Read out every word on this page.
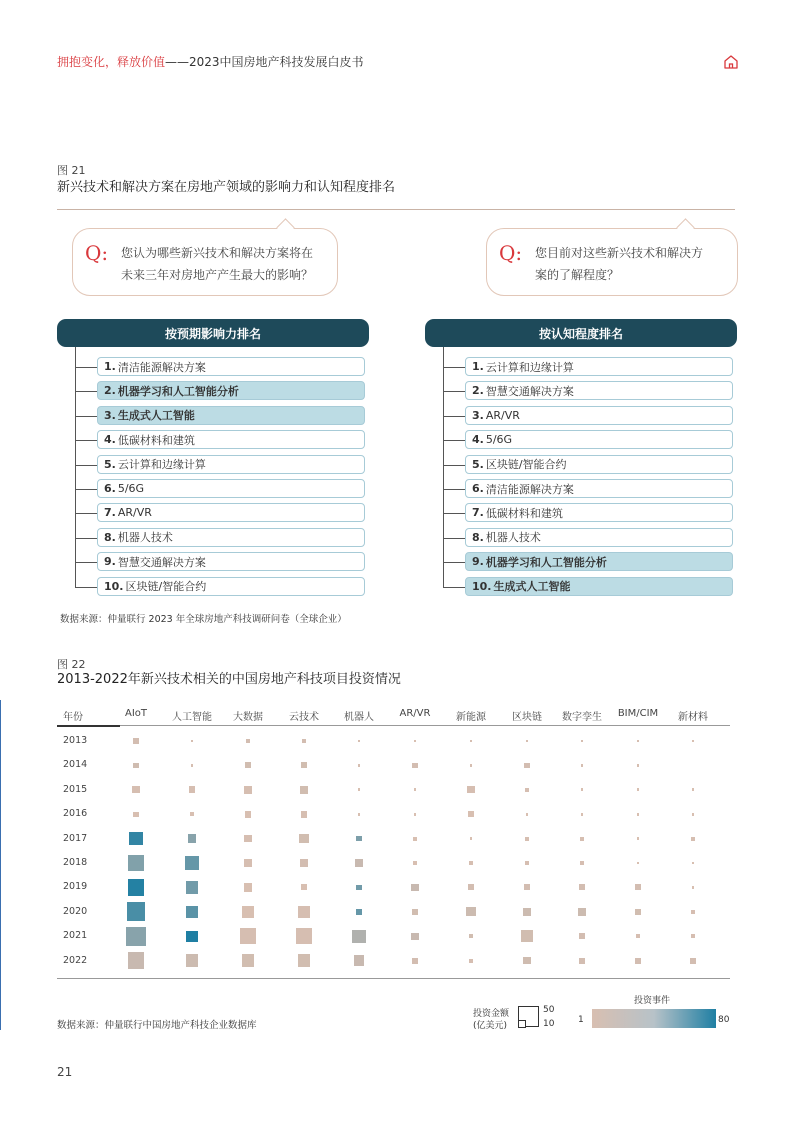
拥抱变化，释放价值——2023中国房地产科技发展白皮书
图 21
新兴技术和解决方案在房地产领域的影响力和认知程度排名
Q: 您认为哪些新兴技术和解决方案将在
未来三年对房地产产生最大的影响？
Q: 您目前对这些新兴技术和解决方
案的了解程度？
按预期影响力排名	按认知程度排名
1. 清洁能源解决方案
2. 机器学习和人工智能分析
3. 生成式人工智能
4. 低碳材料和建筑
5. 云计算和边缘计算
6. 5/6G
7. AR/VR
8. 机器人技术
9. 智慧交通解决方案
10. 区块链/智能合约
1. 云计算和边缘计算
2. 智慧交通解决方案
3. AR/VR
4. 5/6G
5. 区块链/智能合约
6. 清洁能源解决方案
7. 低碳材料和建筑
8. 机器人技术
9. 机器学习和人工智能分析
10. 生成式人工智能
数据来源：仲量联行 2023 年全球房地产科技调研问卷（全球企业）
图 22
2013-2022年新兴技术相关的中国房地产科技项目投资情况
年份	AIoT	人工智能	大数据	云技术	机器人	AR/VR	新能源	区块链	数字孪生	BIM/CIM	新材料
2013
2014
2015
2016
2017
2018
2019
2020
2021
2022
数据来源：仲量联行中国房地产科技企业数据库
投资金额
(亿美元)
50
10
投资事件
1	80
21
